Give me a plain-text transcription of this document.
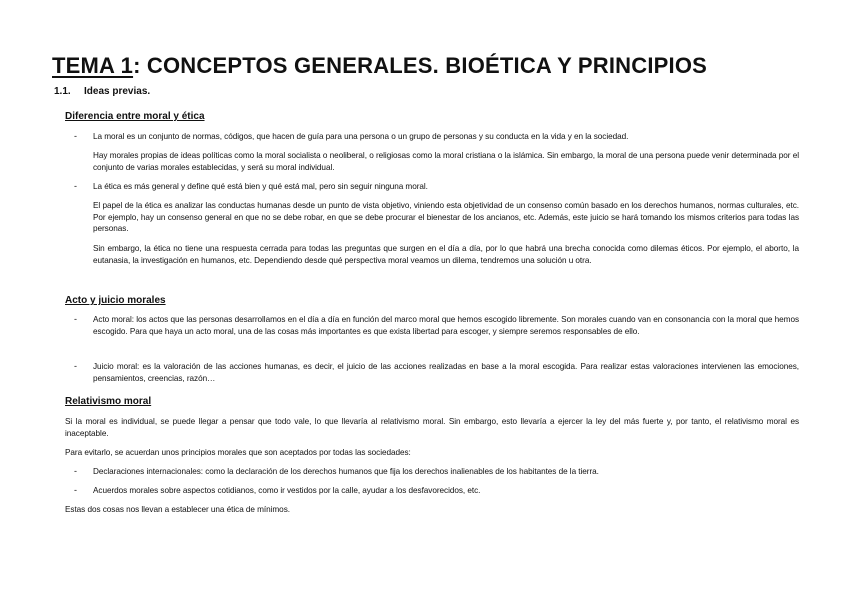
TEMA 1: CONCEPTOS GENERALES. BIOÉTICA Y PRINCIPIOS
1.1. Ideas previas.
Diferencia entre moral y ética
- La moral es un conjunto de normas, códigos, que hacen de guía para una persona o un grupo de personas y su conducta en la vida y en la sociedad.
Hay morales propias de ideas políticas como la moral socialista o neoliberal, o religiosas como la moral cristiana o la islámica. Sin embargo, la moral de una persona puede venir determinada por el conjunto de varias morales establecidas, y será su moral individual.
- La ética es más general y define qué está bien y qué está mal, pero sin seguir ninguna moral.
El papel de la ética es analizar las conductas humanas desde un punto de vista objetivo, viniendo esta objetividad de un consenso común basado en los derechos humanos, normas culturales, etc. Por ejemplo, hay un consenso general en que no se debe robar, en que se debe procurar el bienestar de los ancianos, etc. Además, este juicio se hará tomando los mismos criterios para todas las personas.
Sin embargo, la ética no tiene una respuesta cerrada para todas las preguntas que surgen en el día a día, por lo que habrá una brecha conocida como dilemas éticos. Por ejemplo, el aborto, la eutanasia, la investigación en humanos, etc. Dependiendo desde qué perspectiva moral veamos un dilema, tendremos una solución u otra.
Acto y juicio morales
- Acto moral: los actos que las personas desarrollamos en el día a día en función del marco moral que hemos escogido libremente. Son morales cuando van en consonancia con la moral que hemos escogido. Para que haya un acto moral, una de las cosas más importantes es que exista libertad para escoger, y siempre seremos responsables de ello.
- Juicio moral: es la valoración de las acciones humanas, es decir, el juicio de las acciones realizadas en base a la moral escogida. Para realizar estas valoraciones intervienen las emociones, pensamientos, creencias, razón…
Relativismo moral
Si la moral es individual, se puede llegar a pensar que todo vale, lo que llevaría al relativismo moral. Sin embargo, esto llevaría a ejercer la ley del más fuerte y, por tanto, el relativismo moral es inaceptable.
Para evitarlo, se acuerdan unos principios morales que son aceptados por todas las sociedades:
- Declaraciones internacionales: como la declaración de los derechos humanos que fija los derechos inalienables de los habitantes de la tierra.
- Acuerdos morales sobre aspectos cotidianos, como ir vestidos por la calle, ayudar a los desfavorecidos, etc.
Estas dos cosas nos llevan a establecer una ética de mínimos.
